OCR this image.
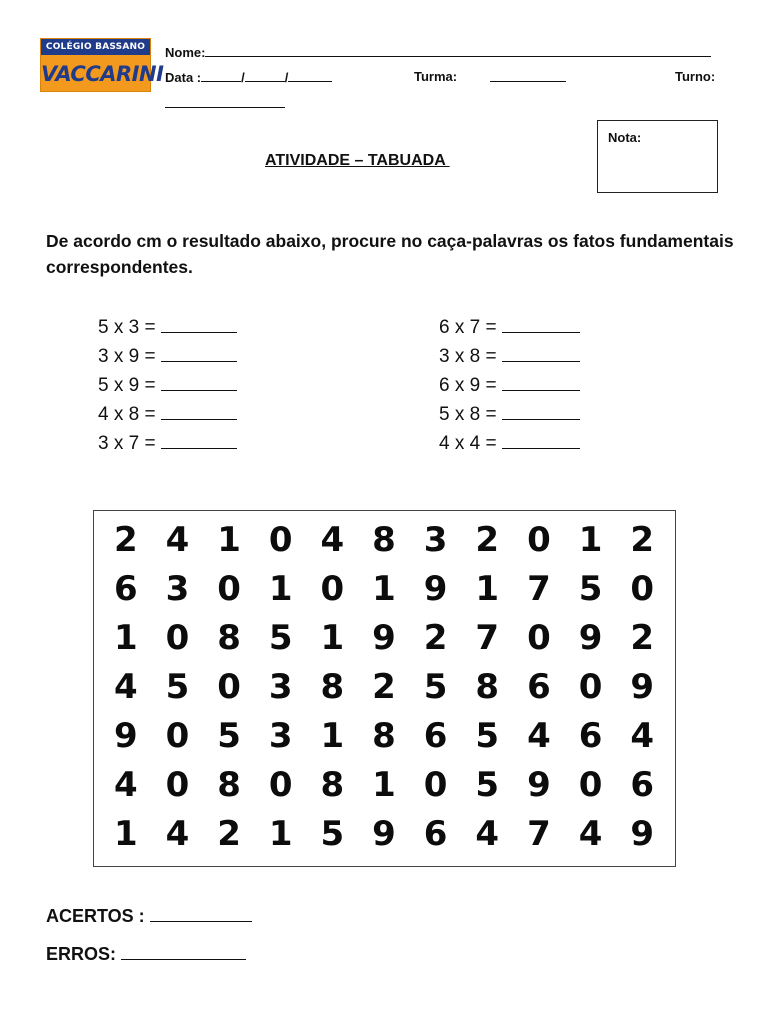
COLÉGIO BASSANO
VACCARINI
Nome:
Data :	/	/	Turma:	Turno:
Nota:
ATIVIDADE – TABUADA
De acordo cm o resultado abaixo, procure no caça-palavras os fatos fundamentais correspondentes.
5 x 3 =
3 x 9 =
5 x 9 =
4 x 8 =
3 x 7 =
6 x 7 =
3 x 8 =
6 x 9 =
5 x 8 =
4 x 4 =
2 4 1 0 4 8 3 2 0 1 2
6 3 0 1 0 1 9 1 7 5 0
1 0 8 5 1 9 2 7 0 9 2
4 5 0 3 8 2 5 8 6 0 9
9 0 5 3 1 8 6 5 4 6 4
4 0 8 0 8 1 0 5 9 0 6
1 4 2 1 5 9 6 4 7 4 9
ACERTOS :
ERROS:
